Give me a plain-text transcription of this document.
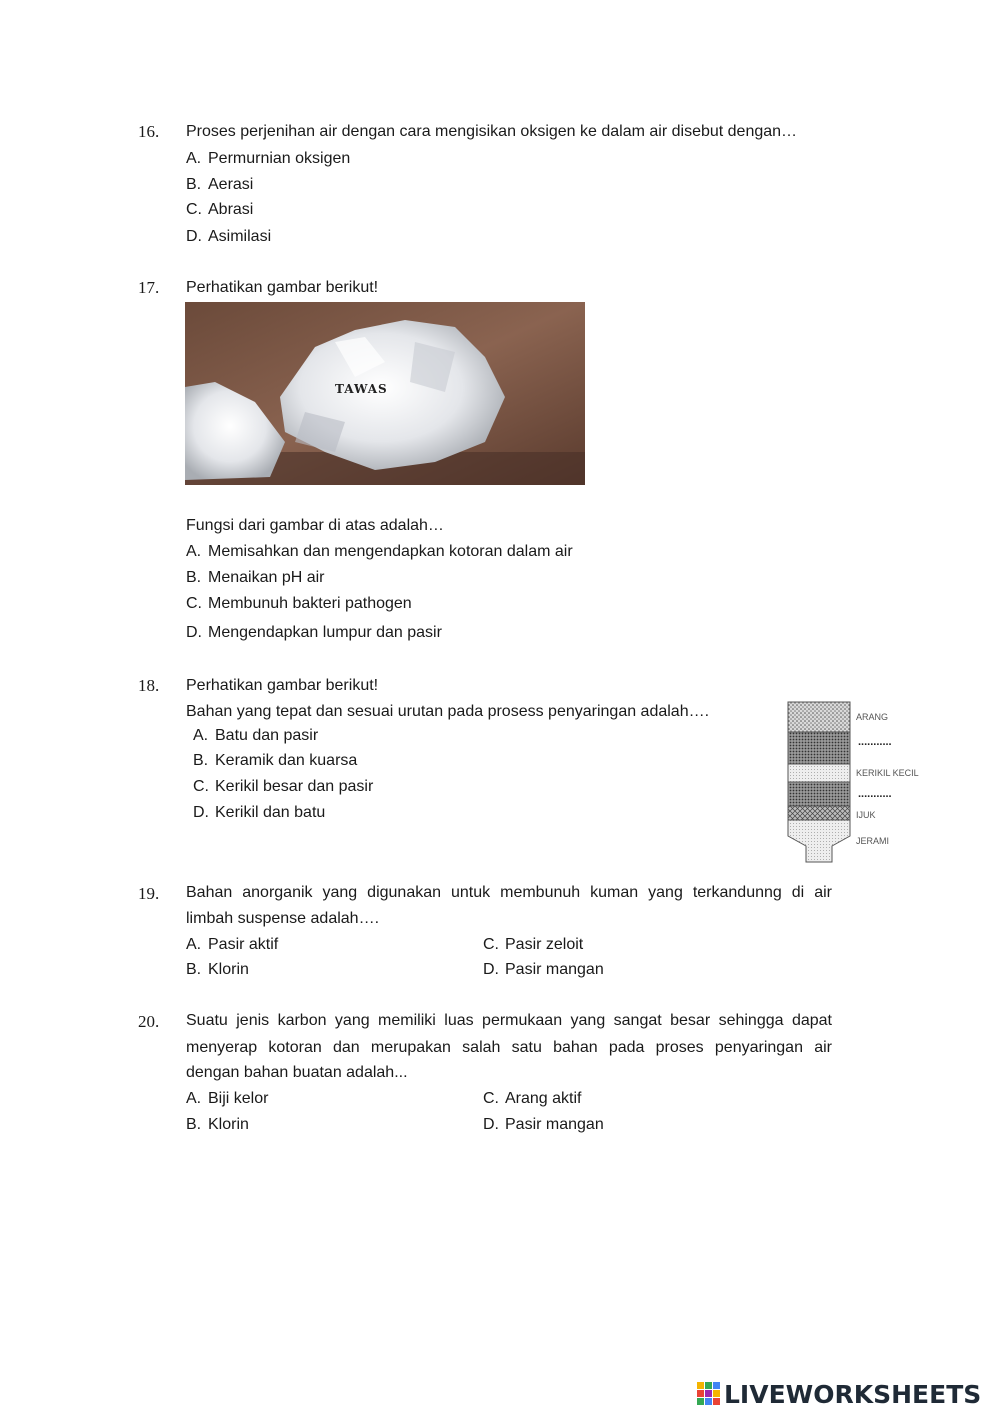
16. Proses perjenihan air dengan cara mengisikan oksigen ke dalam air disebut dengan…
A. Permurnian oksigen
B. Aerasi
C. Abrasi
D. Asimilasi
17. Perhatikan gambar berikut!
TAWAS
Fungsi dari gambar di atas adalah…
A. Memisahkan dan mengendapkan kotoran dalam air
B. Menaikan pH air
C. Membunuh bakteri pathogen
D. Mengendapkan lumpur dan pasir
18. Perhatikan gambar berikut!
Bahan yang tepat dan sesuai urutan pada prosess penyaringan adalah….
A. Batu dan pasir
B. Keramik dan kuarsa
C. Kerikil besar dan pasir
D. Kerikil dan batu
ARANG
...........
KERIKIL KECIL
...........
IJUK
JERAMI
19. Bahan anorganik yang digunakan untuk membunuh kuman yang terkandunng di air
limbah suspense adalah….
A. Pasir aktif	C. Pasir zeloit
B. Klorin	D. Pasir mangan
20. Suatu jenis karbon yang memiliki luas permukaan yang sangat besar sehingga dapat
menyerap kotoran dan merupakan salah satu bahan pada proses penyaringan air
dengan bahan buatan adalah...
A. Biji kelor	C. Arang aktif
B. Klorin	D. Pasir mangan
LIVEWORKSHEETS
